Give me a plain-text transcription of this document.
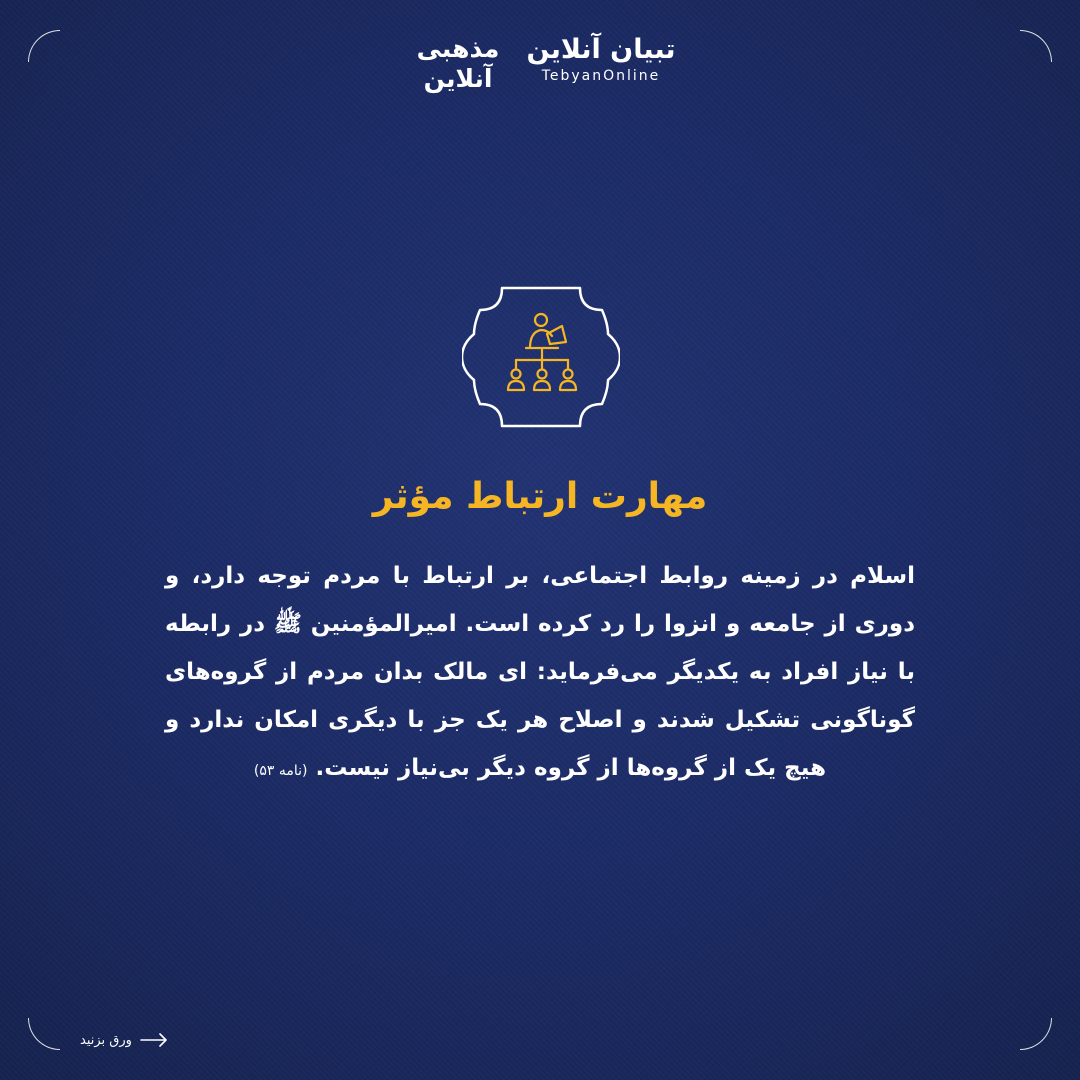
تبیان آنلاین
TebyanOnline
مذهبی
آنلاین
مهارت ارتباط مؤثر
اسلام در زمینه روابط اجتماعی، بر ارتباط با مردم توجه دارد، و دوری از جامعه و انزوا را رد کرده است. امیرالمؤمنین ﷺ در رابطه با نیاز افراد به یکدیگر می‌فرماید: ای مالک بدان مردم از گروه‌های گوناگونی تشکیل شدند و اصلاح هر یک جز با دیگری امکان ندارد و هیچ یک از گروه‌ها از گروه دیگر بی‌نیاز نیست. (نامه ۵۳)
ورق بزنید
